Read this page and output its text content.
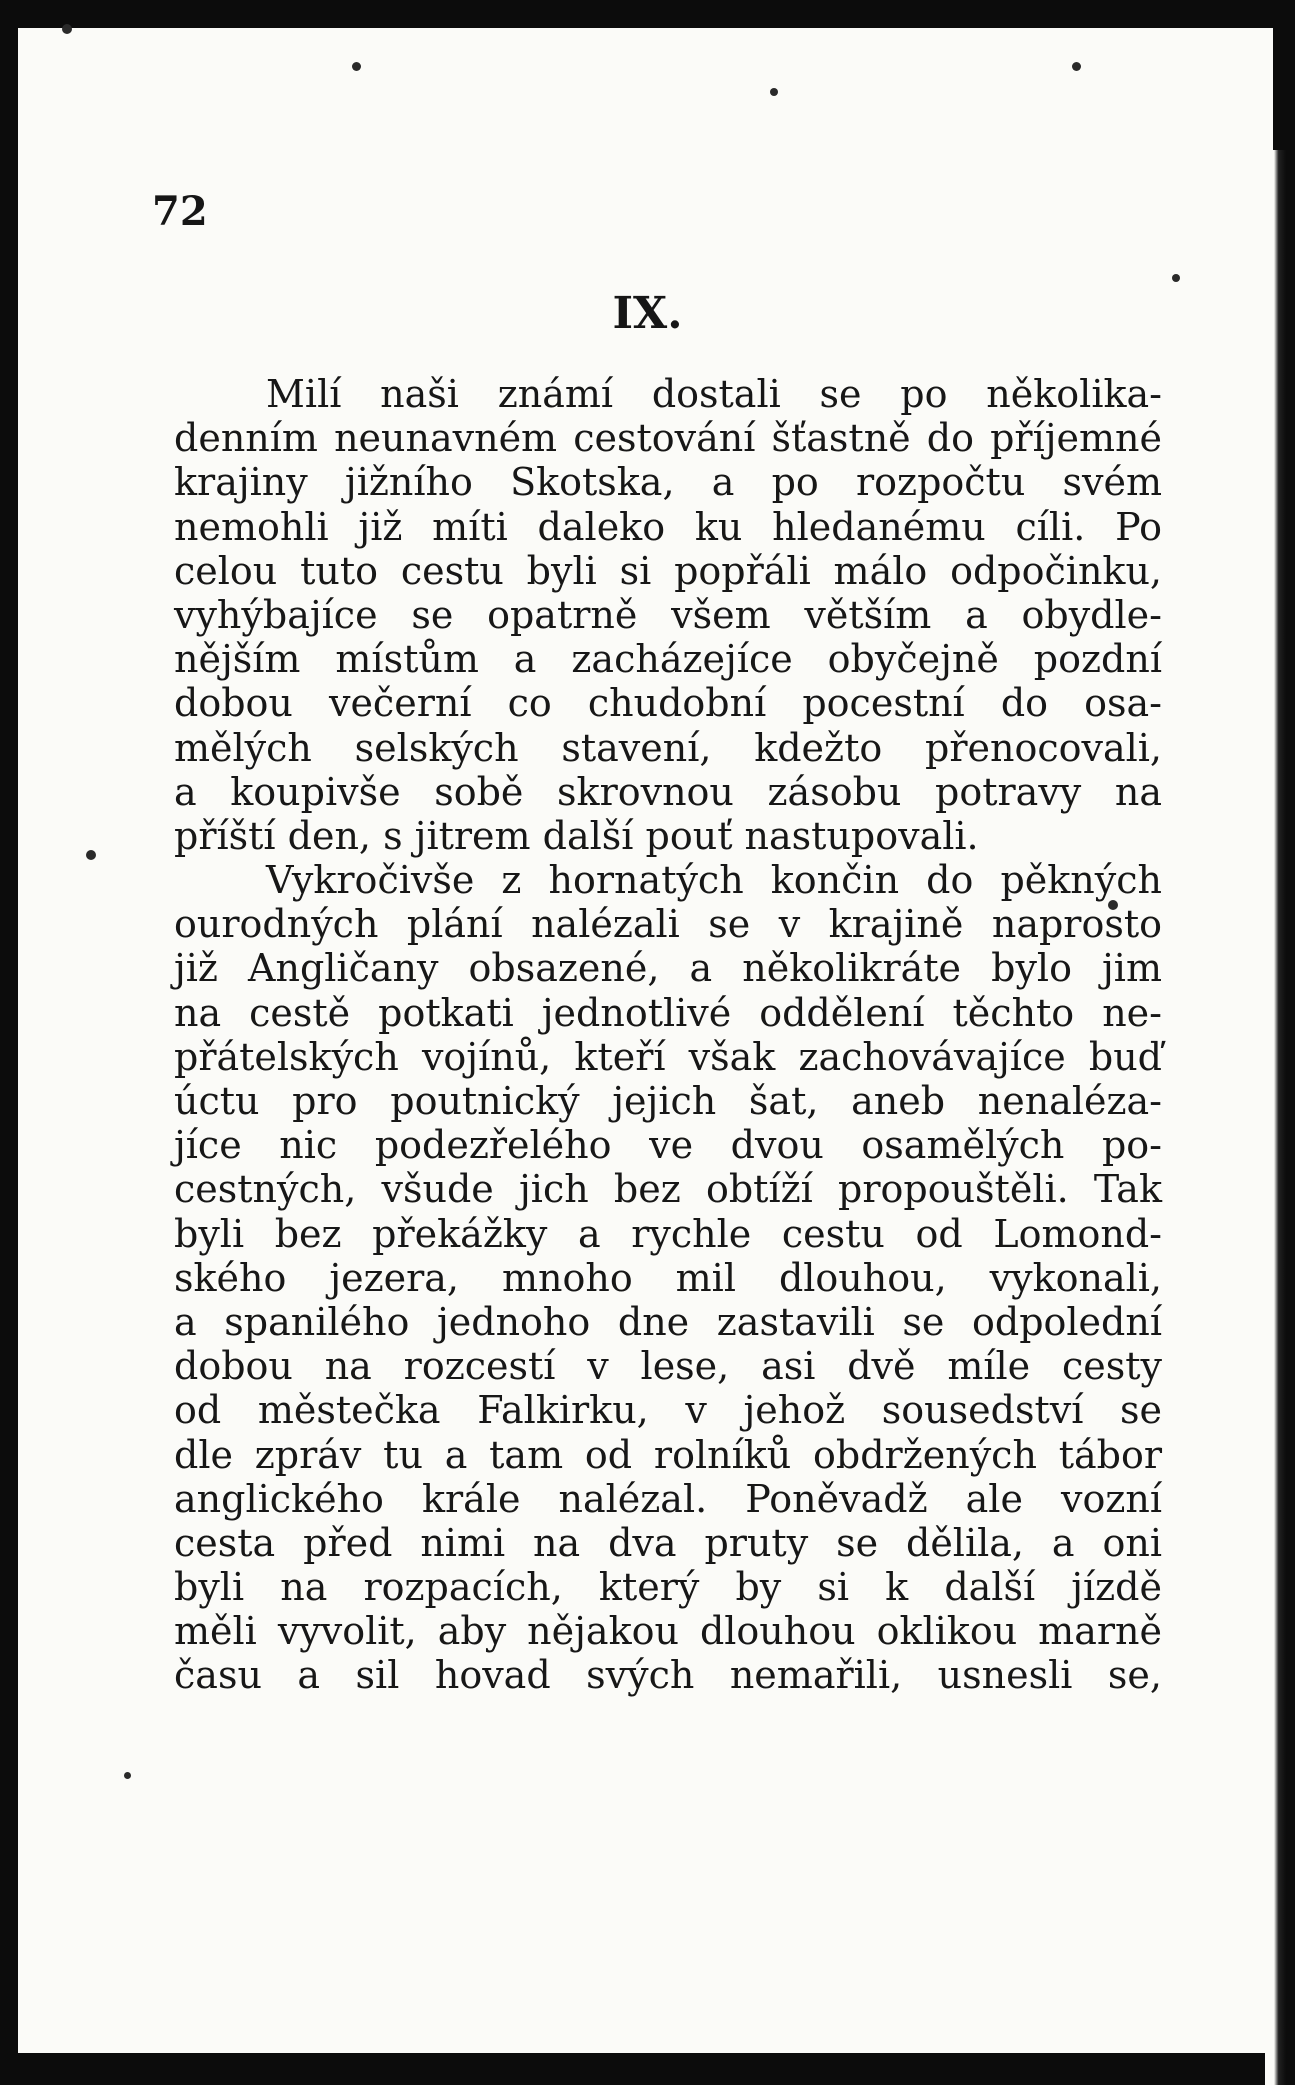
72
IX.
Milí naši známí dostali se po několika-
denním neunavném cestování šťastně do příjemné
krajiny jižního Skotska, a po rozpočtu svém
nemohli již míti daleko ku hledanému cíli. Po
celou tuto cestu byli si popřáli málo odpočinku,
vyhýbajíce se opatrně všem větším a obydle-
nějším místům a zacházejíce obyčejně pozdní
dobou večerní co chudobní pocestní do osa-
mělých selských stavení, kdežto přenocovali,
a koupivše sobě skrovnou zásobu potravy na
příští den, s jitrem další pouť nastupovali.
Vykročivše z hornatých končin do pěkných
ourodných plání nalézali se v krajině naprosto
již Angličany obsazené, a několikráte bylo jim
na cestě potkati jednotlivé oddělení těchto ne-
přátelských vojínů, kteří však zachovávajíce buď
úctu pro poutnický jejich šat, aneb nenaléza-
jíce nic podezřelého ve dvou osamělých po-
cestných, všude jich bez obtíží propouštěli. Tak
byli bez překážky a rychle cestu od Lomond-
ského jezera, mnoho mil dlouhou, vykonali,
a spanilého jednoho dne zastavili se odpolední
dobou na rozcestí v lese, asi dvě míle cesty
od městečka Falkirku, v jehož sousedství se
dle zpráv tu a tam od rolníků obdržených tábor
anglického krále nalézal. Poněvadž ale vozní
cesta před nimi na dva pruty se dělila, a oni
byli na rozpacích, který by si k další jízdě
měli vyvolit, aby nějakou dlouhou oklikou marně
času a sil hovad svých nemařili, usnesli se,
